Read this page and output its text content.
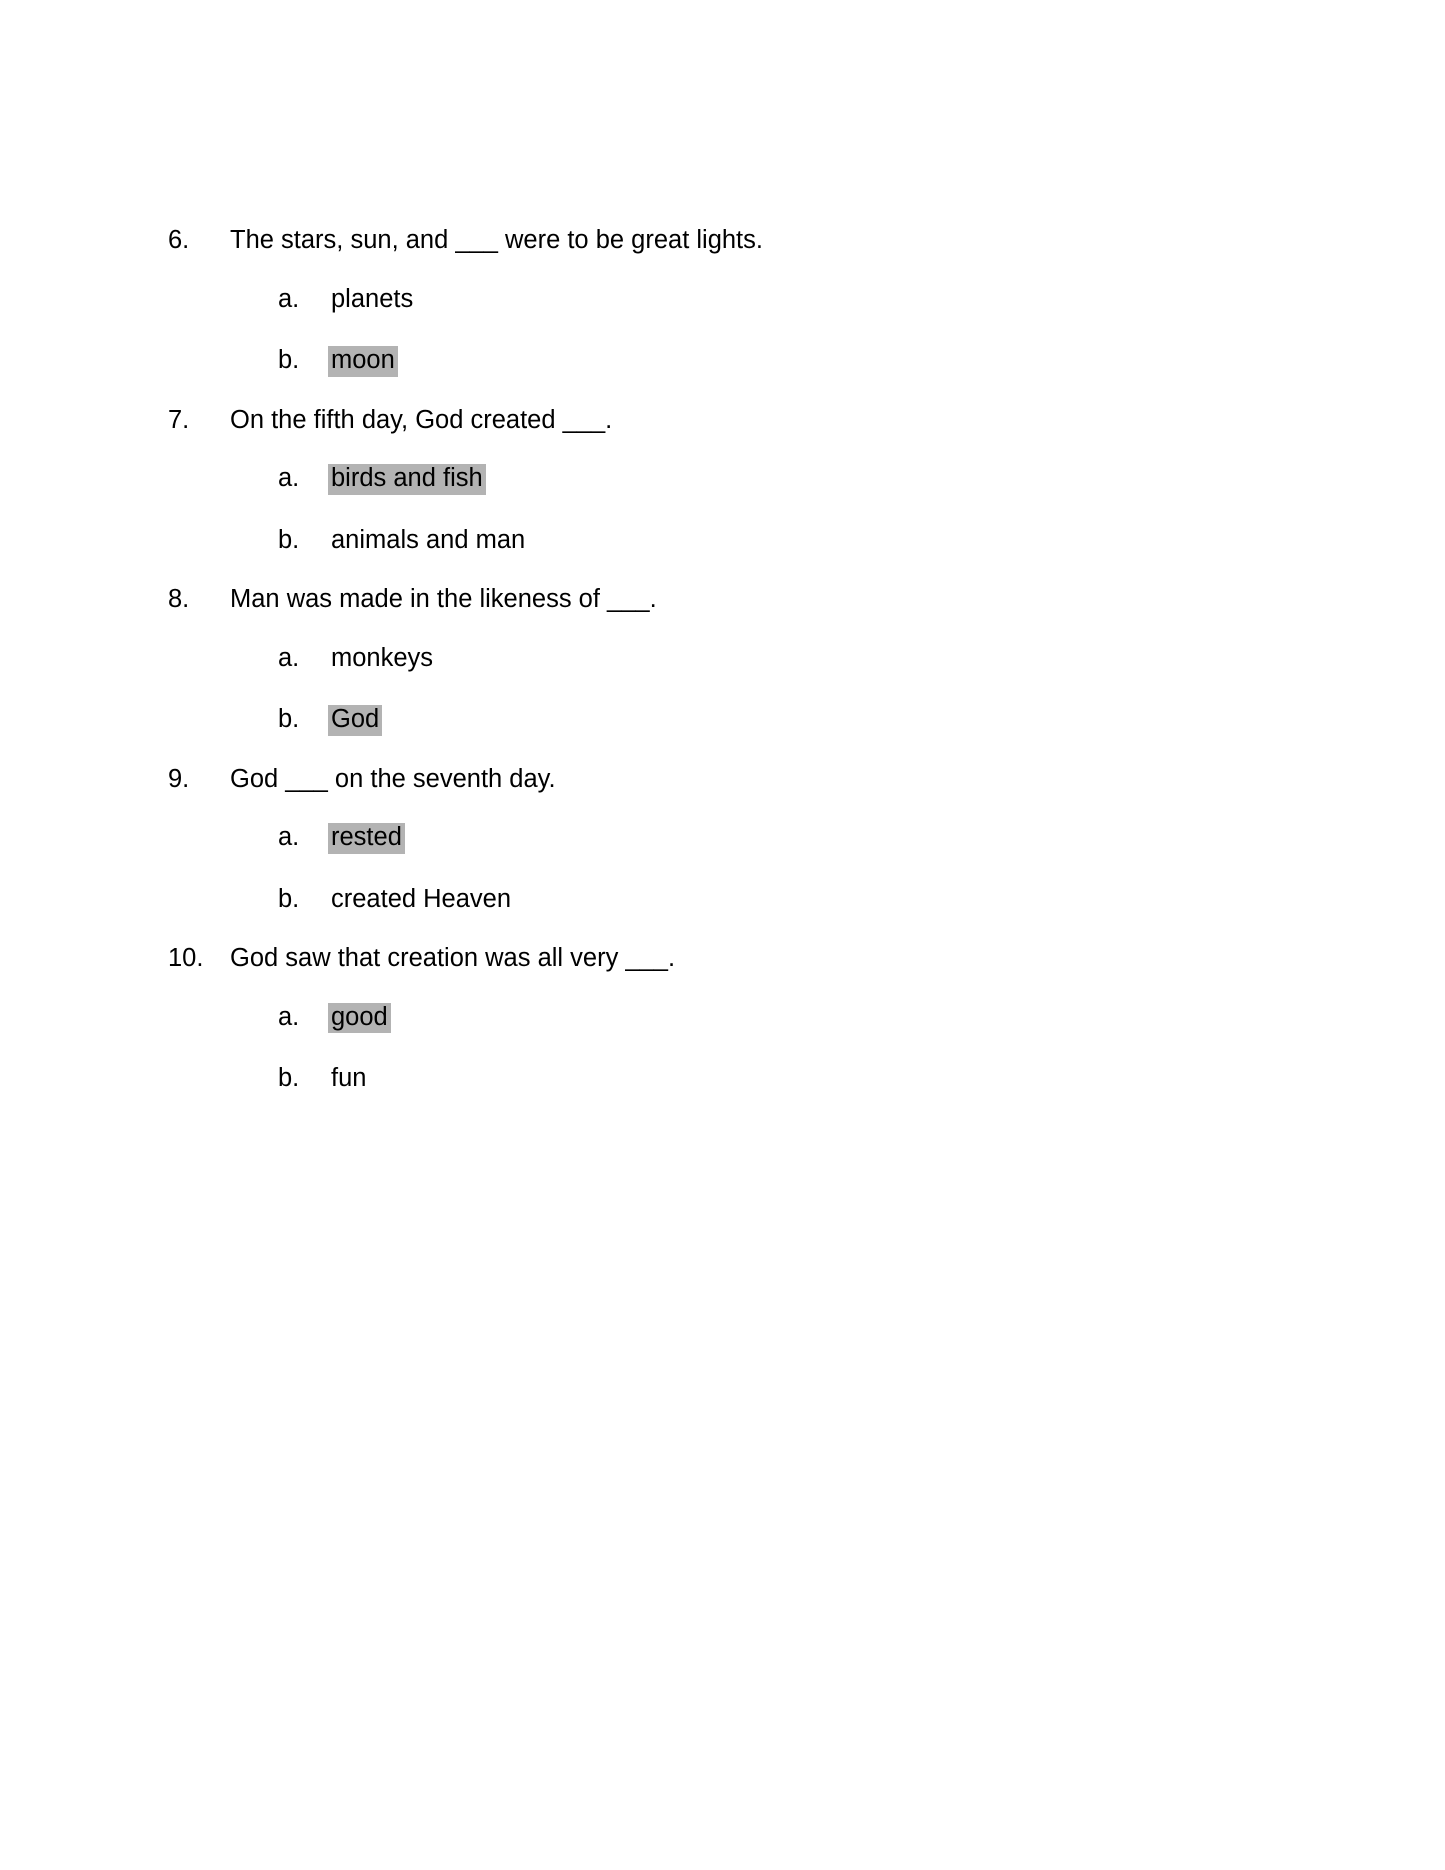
6.	The stars, sun, and ___ were to be great lights.
a.	planets
b.	moon
7.	On the fifth day, God created ___.
a.	birds and fish
b.	animals and man
8.	Man was made in the likeness of ___.
a.	monkeys
b.	God
9.	God ___ on the seventh day.
a.	rested
b.	created Heaven
10.	God saw that creation was all very ___.
a.	good
b.	fun
